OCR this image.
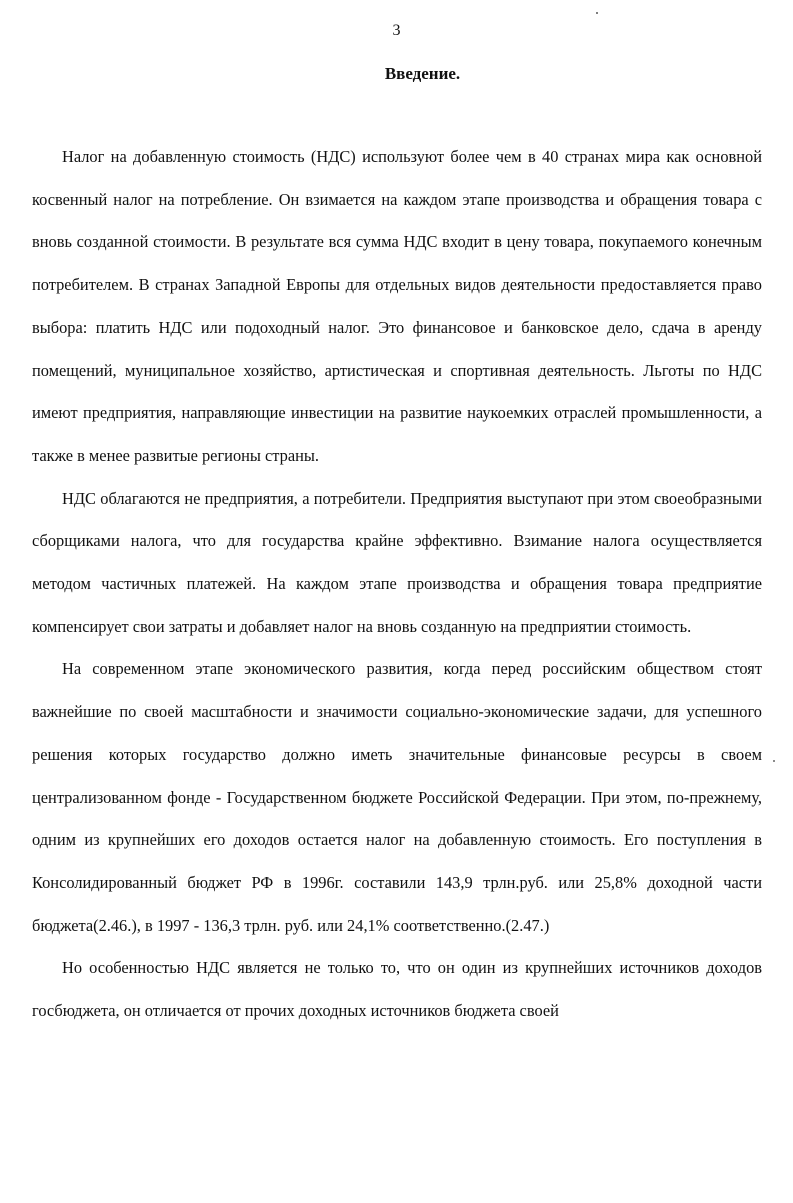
3
Введение.

Налог на добавленную стоимость (НДС) используют более чем в 40 странах мира как основной косвенный налог на потребление. Он взимается на каждом этапе производства и обращения товара с вновь созданной стоимости. В результате вся сумма НДС входит в цену товара, покупаемого конечным потребителем. В странах Западной Европы для отдельных видов деятельности предоставляется право выбора: платить НДС или подоходный налог. Это финансовое и банковское дело, сдача в аренду помещений, муниципальное хозяйство, артистическая и спортивная деятельность. Льготы по НДС имеют предприятия, направляющие инвестиции на развитие наукоемких отраслей промышленности, а также в менее развитые регионы страны.

НДС облагаются не предприятия, а потребители. Предприятия выступают при этом своеобразными сборщиками налога, что для государства крайне эффективно. Взимание налога осуществляется методом частичных платежей. На каждом этапе производства и обращения товара предприятие компенсирует свои затраты и добавляет налог на вновь созданную на предприятии стоимость.

На современном этапе экономического развития, когда перед российским обществом стоят важнейшие по своей масштабности и значимости социально-экономические задачи, для успешного решения которых государство должно иметь значительные финансовые ресурсы в своем централизованном фонде - Государственном бюджете Российской Федерации. При этом, по-прежнему, одним из крупнейших его доходов остается налог на добавленную стоимость. Его поступления в Консолидированный бюджет РФ в 1996г. составили 143,9 трлн.руб. или 25,8% доходной части бюджета(2.46.), в 1997 - 136,3 трлн. руб. или 24,1% соответственно.(2.47.)

Но особенностью НДС является не только то, что он один из крупнейших источников доходов госбюджета, он отличается от прочих доходных источников бюджета своей
